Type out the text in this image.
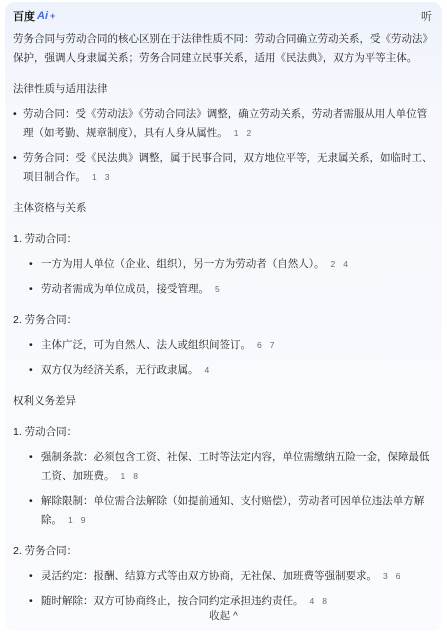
百度 Ai +	听
劳务合同与劳动合同的核心区别在于法律性质不同：劳动合同确立劳动关系，受《劳动法》保护，强调人身隶属关系；劳务合同建立民事关系，适用《民法典》，双方为平等主体。
法律性质与适用法律
• 劳动合同：受《劳动法》《劳动合同法》调整，确立劳动关系，劳动者需服从用人单位管理（如考勤、规章制度），具有人身从属性。 1 2
• 劳务合同：受《民法典》调整，属于民事合同，双方地位平等，无隶属关系，如临时工、项目制合作。 1 3
主体资格与关系
1. 劳动合同：
• 一方为用人单位（企业、组织），另一方为劳动者（自然人）。 2 4
• 劳动者需成为单位成员，接受管理。 5
2. 劳务合同：
• 主体广泛，可为自然人、法人或组织间签订。 6 7
• 双方仅为经济关系，无行政隶属。 4
权利义务差异
1. 劳动合同：
• 强制条款：必须包含工资、社保、工时等法定内容，单位需缴纳五险一金，保障最低工资、加班费。 1 8
• 解除限制：单位需合法解除（如提前通知、支付赔偿），劳动者可因单位违法单方解除。 1 9
2. 劳务合同：
• 灵活约定：报酬、结算方式等由双方协商，无社保、加班费等强制要求。 3 6
• 随时解除：双方可协商终止，按合同约定承担违约责任。 4 8
收起 ^
